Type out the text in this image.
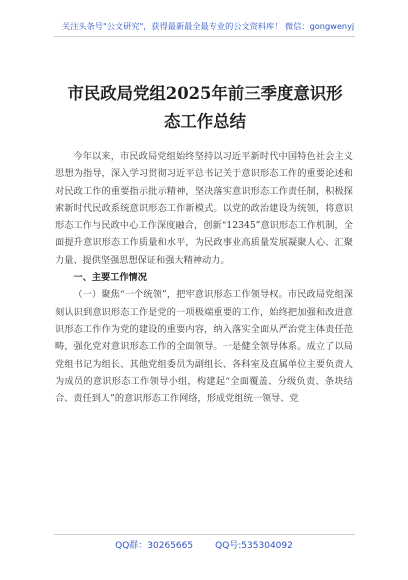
关注头条号"公文研究"，获得最新最全最专业的公文资料库！ 微信：gongwenyj
市民政局党组2025年前三季度意识形态工作总结

今年以来，市民政局党组始终坚持以习近平新时代中国特色社会主义思想为指导，深入学习贯彻习近平总书记关于意识形态工作的重要论述和对民政工作的重要指示批示精神，坚决落实意识形态工作责任制，积极探索新时代民政系统意识形态工作新模式。以党的政治建设为统领，将意识形态工作与民政中心工作深度融合，创新“12345”意识形态工作机制，全面提升意识形态工作质量和水平，为民政事业高质量发展凝聚人心、汇聚力量、提供坚强思想保证和强大精神动力。

一、主要工作情况

（一）聚焦“一个统领”，把牢意识形态工作领导权。市民政局党组深刻认识到意识形态工作是党的一项极端重要的工作，始终把加强和改进意识形态工作作为党的建设的重要内容，纳入落实全面从严治党主体责任范畴，强化党对意识形态工作的全面领导。一是健全领导体系。成立了以局党组书记为组长、其他党组委员为副组长、各科室及直属单位主要负责人为成员的意识形态工作领导小组，构建起“全面覆盖、分级负责、条块结合、责任到人”的意识形态工作网络，形成党组统一领导、党

QQ群：30265665 QQ号:535304092
